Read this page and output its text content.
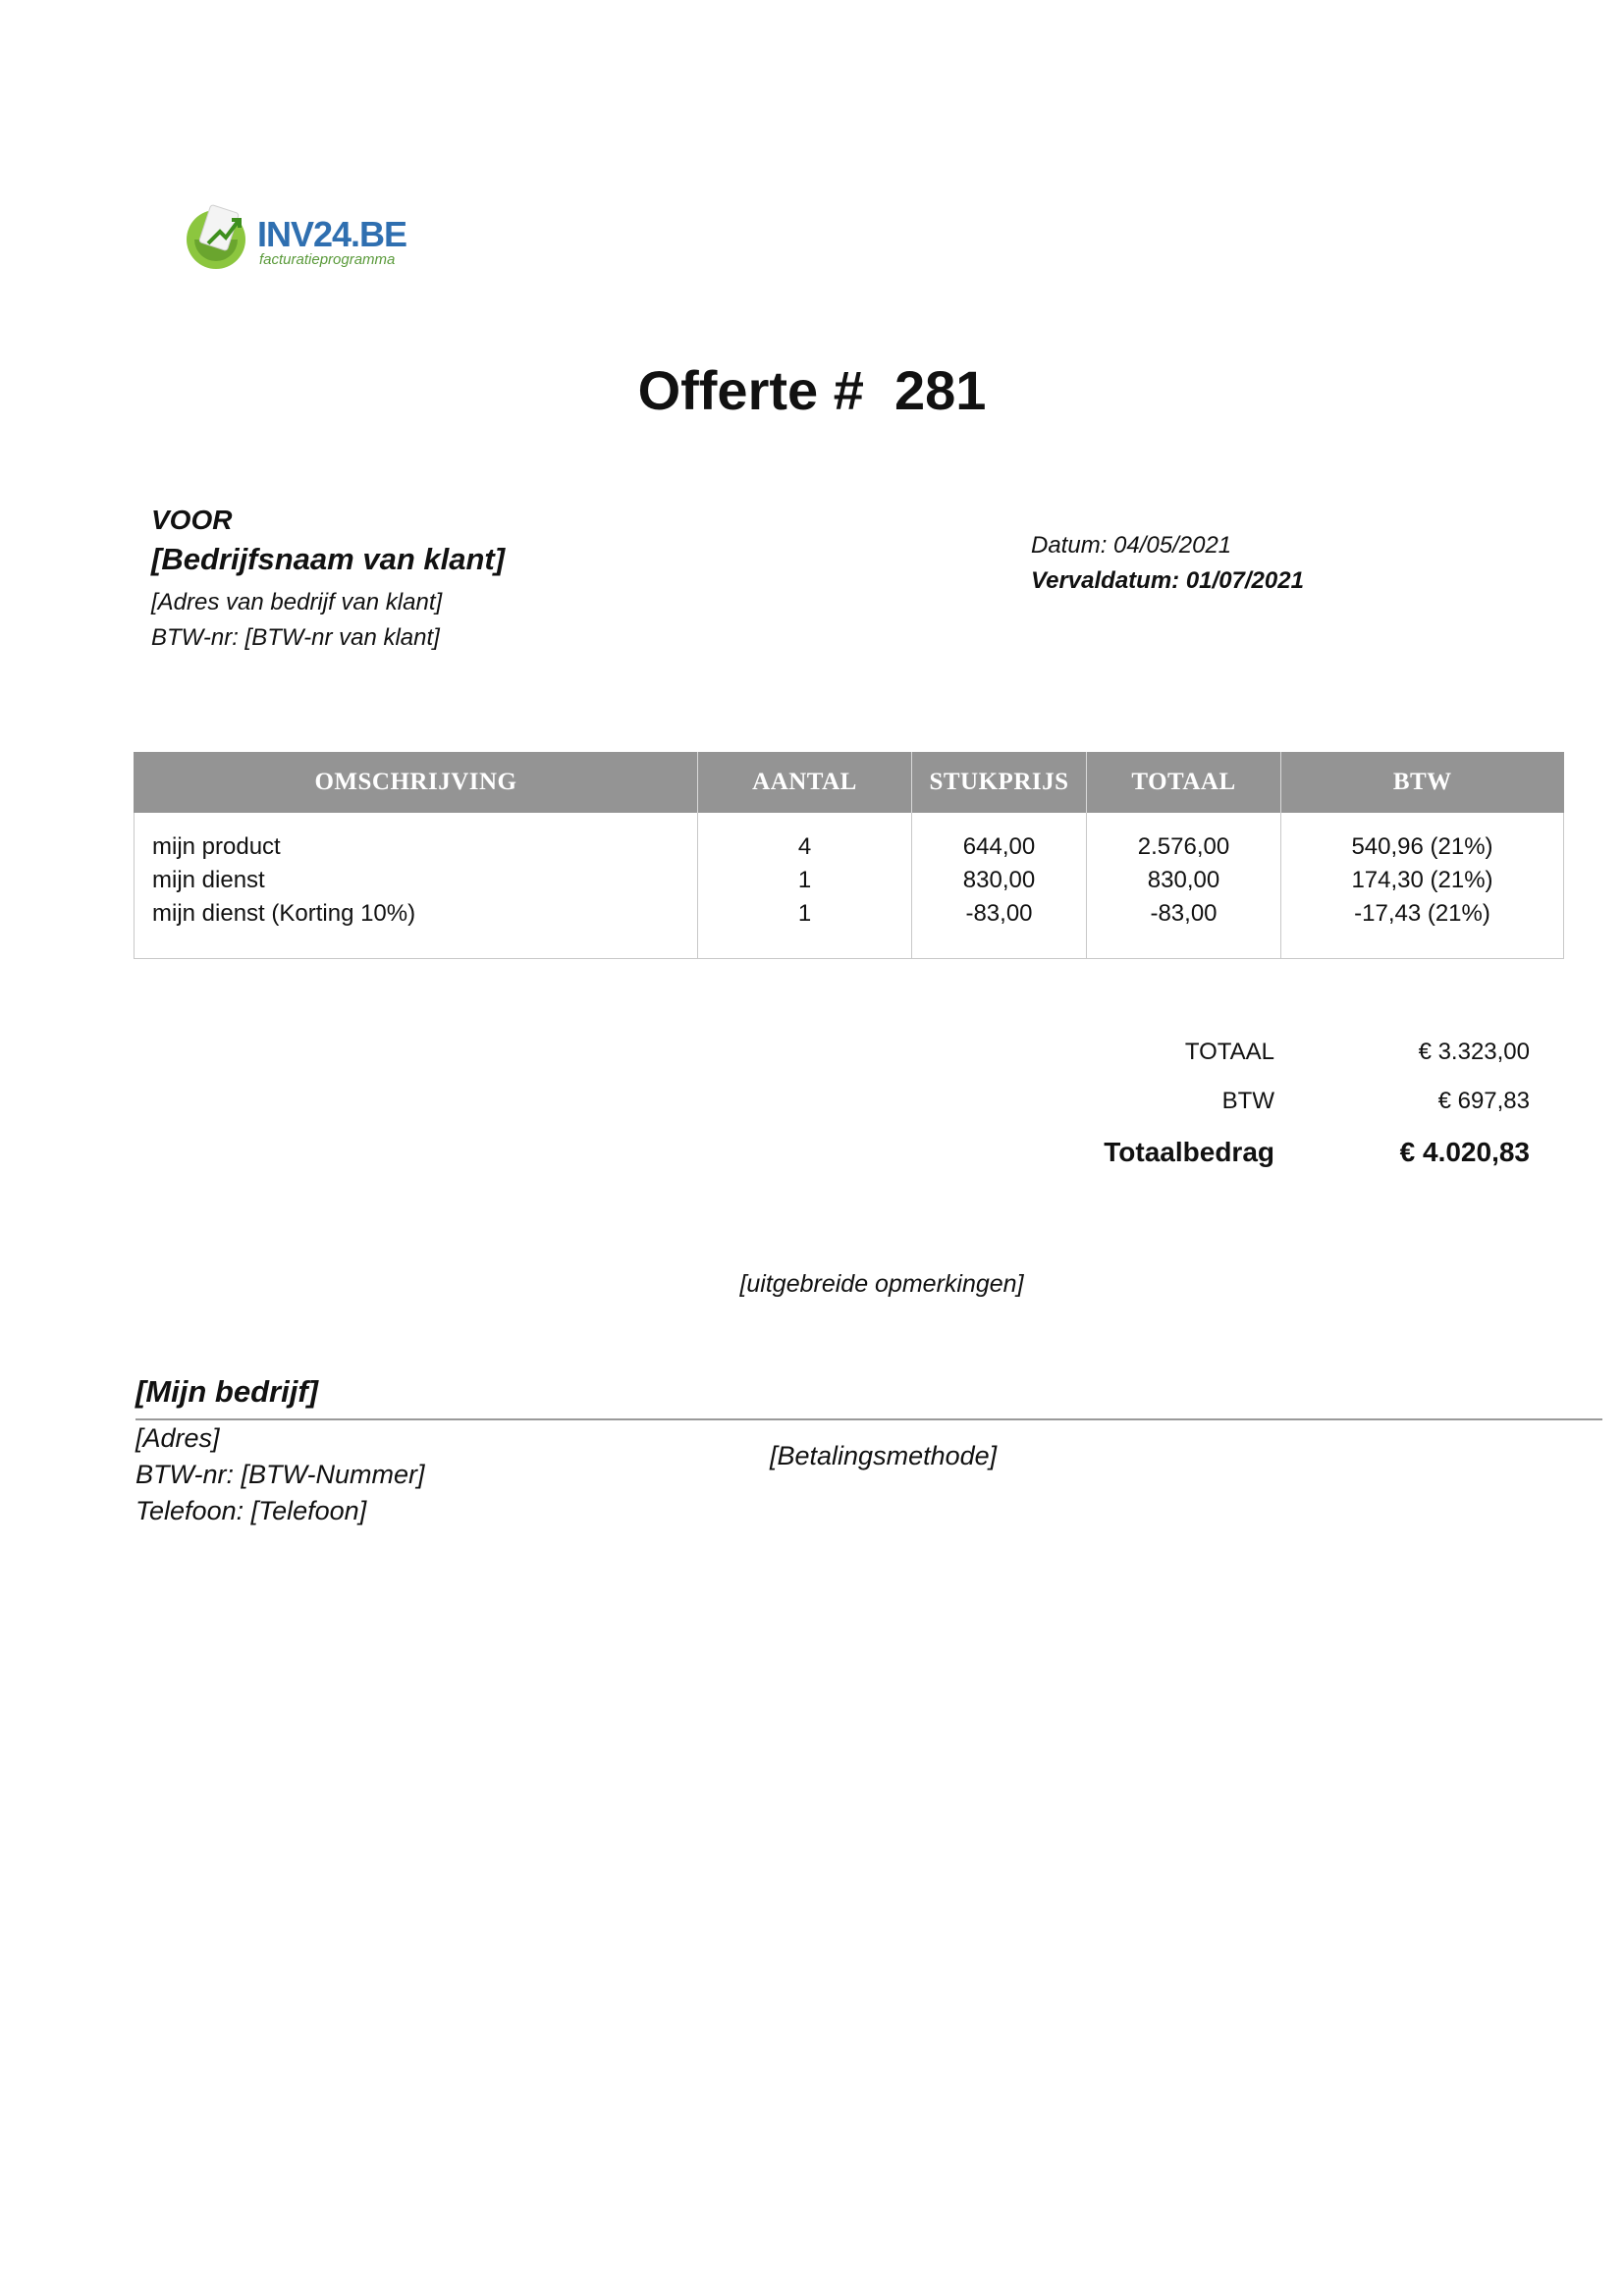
INV24.BE
facturatieprogramma
Offerte #  281
VOOR
[Bedrijfsnaam van klant]
[Adres van bedrijf van klant]
BTW-nr: [BTW-nr van klant]
Datum: 04/05/2021
Vervaldatum: 01/07/2021
OMSCHRIJVING	AANTAL	STUKPRIJS	TOTAAL	BTW
mijn product	4	644,00	2.576,00	540,96 (21%)
mijn dienst	1	830,00	830,00	174,30 (21%)
mijn dienst (Korting 10%)	1	-83,00	-83,00	-17,43 (21%)
TOTAAL	€ 3.323,00
BTW	€ 697,83
Totaalbedrag	€ 4.020,83
[uitgebreide opmerkingen]
[Mijn bedrijf]
[Adres]
BTW-nr: [BTW-Nummer]
Telefoon: [Telefoon]
[Betalingsmethode]
